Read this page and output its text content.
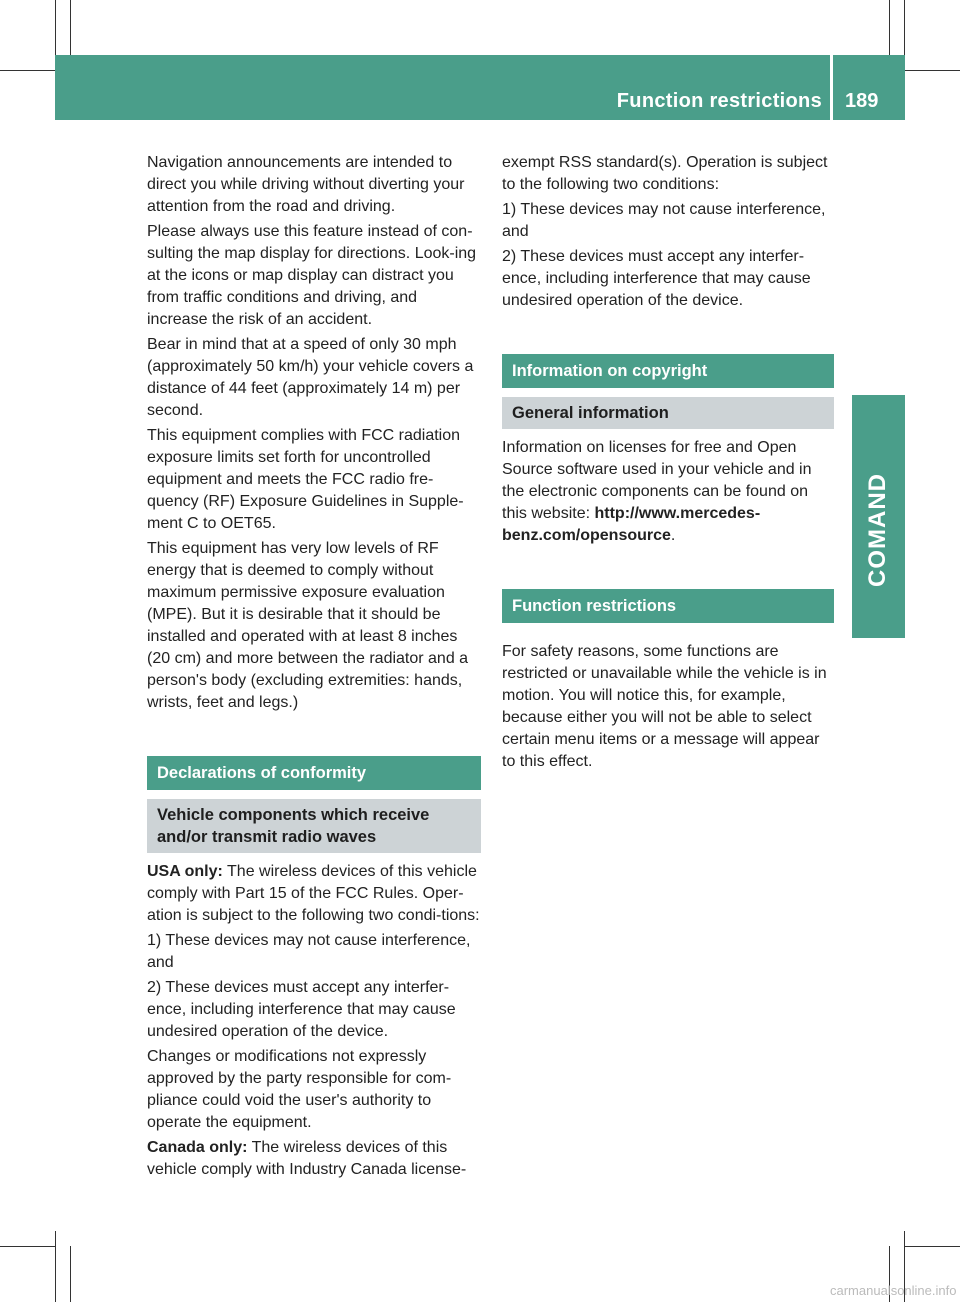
Function restrictions 189
COMAND

Navigation announcements are intended to direct you while driving without diverting your attention from the road and driving.

Please always use this feature instead of con-sulting the map display for directions. Look-ing at the icons or map display can distract you from traffic conditions and driving, and increase the risk of an accident.

Bear in mind that at a speed of only 30 mph (approximately 50 km/h) your vehicle covers a distance of 44 feet (approximately 14 m) per second.

This equipment complies with FCC radiation exposure limits set forth for uncontrolled equipment and meets the FCC radio fre-quency (RF) Exposure Guidelines in Supple-ment C to OET65.

This equipment has very low levels of RF energy that is deemed to comply without maximum permissive exposure evaluation (MPE). But it is desirable that it should be installed and operated with at least 8 inches (20 cm) and more between the radiator and a person's body (excluding extremities: hands, wrists, feet and legs.)

Declarations of conformity
Vehicle components which receive and/or transmit radio waves

USA only: The wireless devices of this vehicle comply with Part 15 of the FCC Rules. Oper-ation is subject to the following two condi-tions:

1) These devices may not cause interference, and

2) These devices must accept any interfer-ence, including interference that may cause undesired operation of the device.

Changes or modifications not expressly approved by the party responsible for com-pliance could void the user's authority to operate the equipment.

Canada only: The wireless devices of this vehicle comply with Industry Canada license-

exempt RSS standard(s). Operation is subject to the following two conditions:

1) These devices may not cause interference, and

2) These devices must accept any interfer-ence, including interference that may cause undesired operation of the device.

Information on copyright
General information

Information on licenses for free and Open Source software used in your vehicle and in the electronic components can be found on this website: http://www.mercedes-benz.com/opensource.

Function restrictions

For safety reasons, some functions are restricted or unavailable while the vehicle is in motion. You will notice this, for example, because either you will not be able to select certain menu items or a message will appear to this effect.

carmanualsonline.info
